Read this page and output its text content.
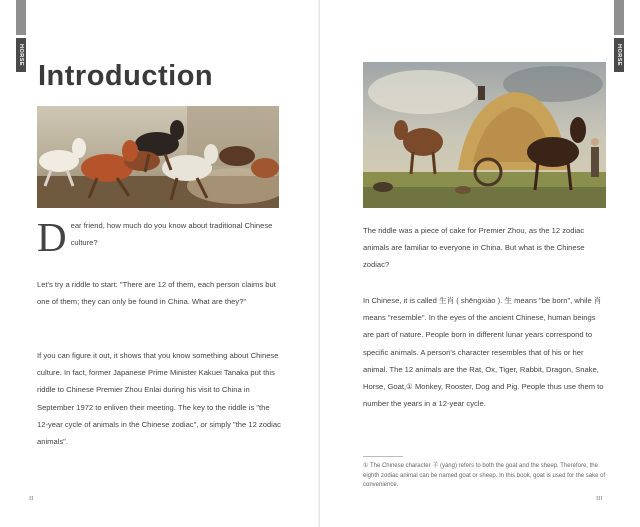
HORSE
Introduction
D ear friend, how much do you know about traditional Chinese culture?
Let's try a riddle to start: "There are 12 of them, each person claims but one of them; they can only be found in China. What are they?"
If you can figure it out, it shows that you know something about Chinese culture. In fact, former Japanese Prime Minister Kakuei Tanaka put this riddle to Chinese Premier Zhou Enlai during his visit to China in September 1972 to enliven their meeting. The key to the riddle is "the 12-year cycle of animals in the Chinese zodiac", or simply "the 12 zodiac animals".
II
HORSE
The riddle was a piece of cake for Premier Zhou, as the 12 zodiac animals are familiar to everyone in China. But what is the Chinese zodiac?
In Chinese, it is called 生肖 ( shēngxiào ). 生 means "be born", while 肖 means "resemble". In the eyes of the ancient Chinese, human beings are part of nature. People born in different lunar years correspond to specific animals. A person's character resembles that of his or her animal. The 12 animals are the Rat, Ox, Tiger, Rabbit, Dragon, Snake, Horse, Goat,① Monkey, Rooster, Dog and Pig. People thus use them to number the years in a 12-year cycle.
① The Chinese character 羊 (yáng) refers to both the goat and the sheep. Therefore, the eighth zodiac animal can be named goat or sheep. In this book, goat is used for the sake of convenience.
III
